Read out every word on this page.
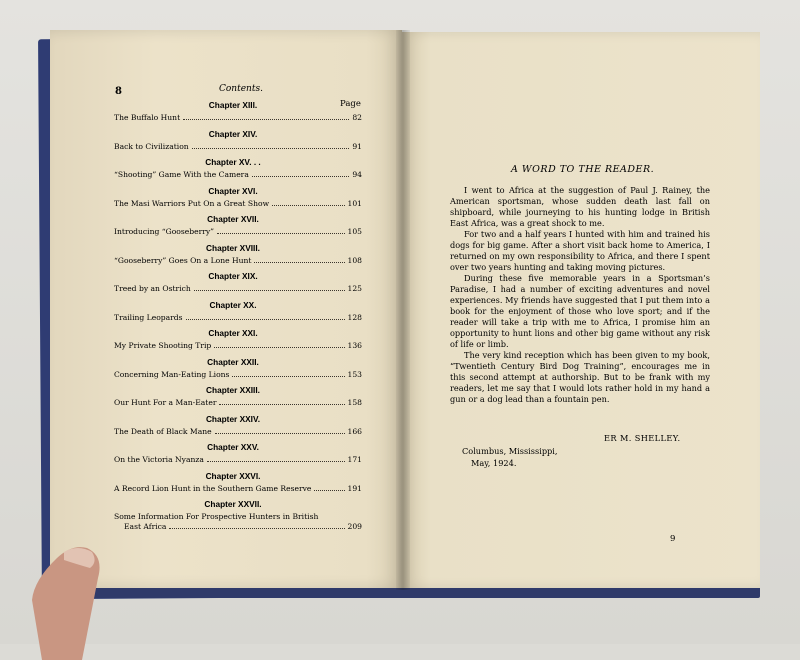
8	Contents.
Page
Chapter XIII.
The Buffalo Hunt	82
Chapter XIV.
Back to Civilization	91
Chapter XV. . .
“Shooting” Game With the Camera	94
Chapter XVI.
The Masi Warriors Put On a Great Show	101
Chapter XVII.
Introducing “Gooseberry”	105
Chapter XVIII.
“Gooseberry” Goes On a Lone Hunt	108
Chapter XIX.
Treed by an Ostrich	125
Chapter XX.
Trailing Leopards	128
Chapter XXI.
My Private Shooting Trip	136
Chapter XXII.
Concerning Man-Eating Lions	153
Chapter XXIII.
Our Hunt For a Man-Eater	158
Chapter XXIV.
The Death of Black Mane	166
Chapter XXV.
On the Victoria Nyanza	171
Chapter XXVI.
A Record Lion Hunt in the Southern Game Reserve	191
Chapter XXVII.
Some Information For Prospective Hunters in British
East Africa	209
A WORD TO THE READER.

I went to Africa at the suggestion of Paul J. Rainey, the American sportsman, whose sudden death last fall on shipboard, while journeying to his hunting lodge in British East Africa, was a great shock to me.

For two and a half years I hunted with him and trained his dogs for big game. After a short visit back home to America, I returned on my own responsibility to Africa, and there I spent over two years hunting and taking moving pictures.

During these five memorable years in a Sportsman’s Paradise, I had a number of exciting adventures and novel experiences. My friends have suggested that I put them into a book for the enjoyment of those who love sport; and if the reader will take a trip with me to Africa, I promise him an opportunity to hunt lions and other big game without any risk of life or limb.

The very kind reception which has been given to my book, “Twentieth Century Bird Dog Training”, encourages me in this second attempt at authorship. But to be frank with my readers, let me say that I would lots rather hold in my hand a gun or a dog lead than a fountain pen.

ER M. SHELLEY.
Columbus, Mississippi,
May, 1924.
9
